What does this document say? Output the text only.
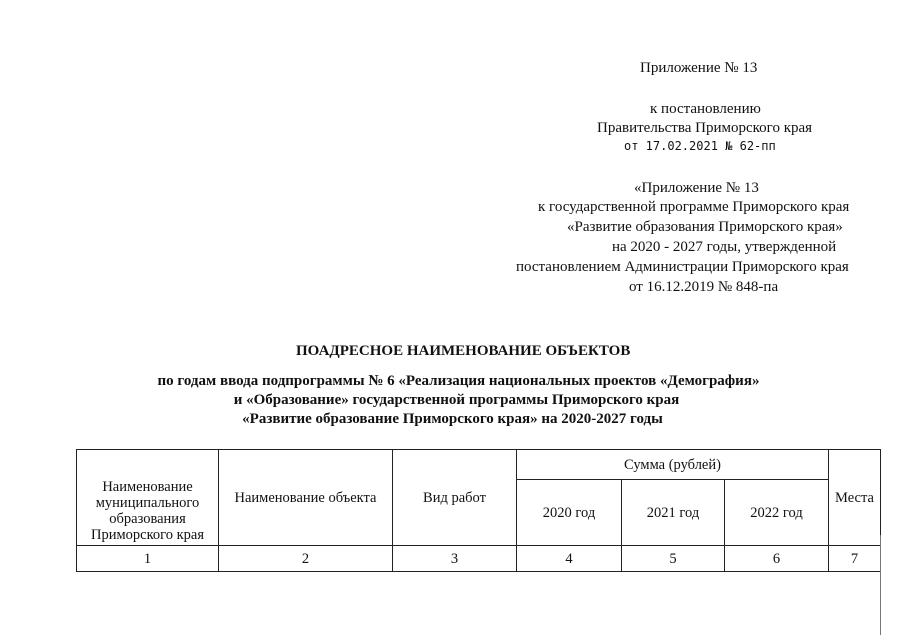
Приложение № 13
к постановлению
Правительства Приморского края
от 17.02.2021 № 62-пп
«Приложение № 13
к государственной программе Приморского края
«Развитие образования Приморского края»
на 2020 - 2027 годы, утвержденной
постановлением Администрации Приморского края
от 16.12.2019 № 848-па
ПОАДРЕСНОЕ НАИМЕНОВАНИЕ ОБЪЕКТОВ
по годам ввода подпрограммы № 6 «Реализация национальных проектов «Демография»
и «Образование» государственной программы Приморского края
«Развитие образование Приморского края» на 2020-2027 годы
Наименование
муниципального
образования
Приморского края	Наименование объекта	Вид работ	Сумма (рублей)			Места
			2020 год	2021 год	2022 год	
1	2	3	4	5	6	7
